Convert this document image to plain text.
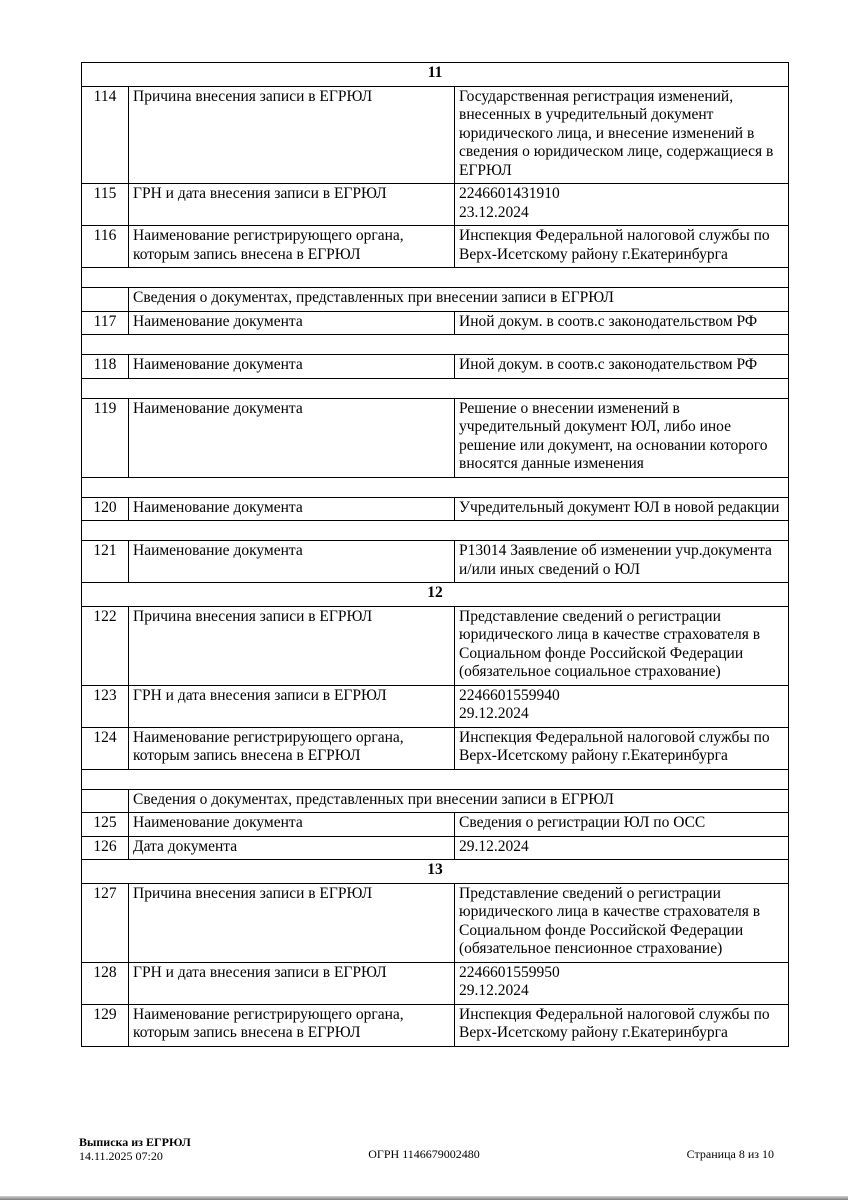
11		
114	Причина внесения записи в ЕГРЮЛ	Государственная регистрация изменений, внесенных в учредительный документ юридического лица, и внесение изменений в сведения о юридическом лице, содержащиеся в ЕГРЮЛ
115	ГРН и дата внесения записи в ЕГРЮЛ	2246601431910
23.12.2024
116	Наименование регистрирующего органа, которым запись внесена в ЕГРЮЛ	Инспекция Федеральной налоговой службы по Верх-Исетскому району г.Екатеринбурга

	Сведения о документах, представленных при внесении записи в ЕГРЮЛ	
117	Наименование документа	Иной докум. в соотв.с законодательством РФ

118	Наименование документа	Иной докум. в соотв.с законодательством РФ

119	Наименование документа	Решение о внесении изменений в учредительный документ ЮЛ, либо иное решение или документ, на основании которого вносятся данные изменения

120	Наименование документа	Учредительный документ ЮЛ в новой редакции

121	Наименование документа	Р13014 Заявление об изменении учр.документа и/или иных сведений о ЮЛ
12		
122	Причина внесения записи в ЕГРЮЛ	Представление сведений о регистрации юридического лица в качестве страхователя в Социальном фонде Российской Федерации (обязательное социальное страхование)
123	ГРН и дата внесения записи в ЕГРЮЛ	2246601559940
29.12.2024
124	Наименование регистрирующего органа, которым запись внесена в ЕГРЮЛ	Инспекция Федеральной налоговой службы по Верх-Исетскому району г.Екатеринбурга

	Сведения о документах, представленных при внесении записи в ЕГРЮЛ	
125	Наименование документа	Сведения о регистрации ЮЛ по ОСС
126	Дата документа	29.12.2024
13		
127	Причина внесения записи в ЕГРЮЛ	Представление сведений о регистрации юридического лица в качестве страхователя в Социальном фонде Российской Федерации (обязательное пенсионное страхование)
128	ГРН и дата внесения записи в ЕГРЮЛ	2246601559950
29.12.2024
129	Наименование регистрирующего органа, которым запись внесена в ЕГРЮЛ	Инспекция Федеральной налоговой службы по Верх-Исетскому району г.Екатеринбурга
Выписка из ЕГРЮЛ
14.11.2025 07:20	ОГРН 1146679002480	Страница 8 из 10
